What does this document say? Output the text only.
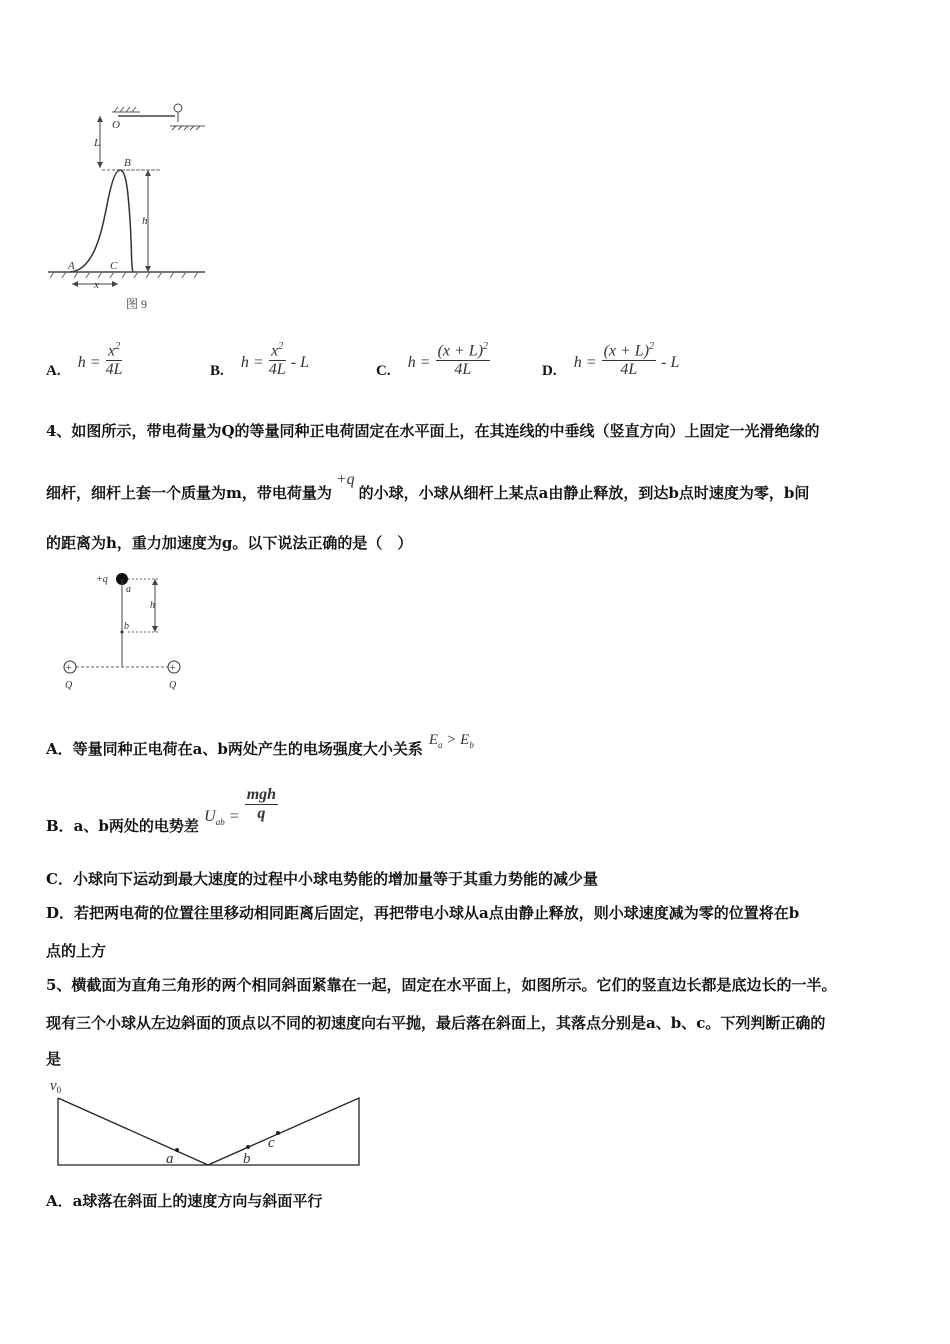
O
L
B
h
A	C
x
图 9
A. $h = \frac{x^2}{4L}$	B. $h = \frac{x^2}{4L} - L$	C. $h = \frac{(x + L)^2}{4L}$	D. $h = \frac{(x + L)^2}{4L} - L$
4、如图所示，带电荷量为Q的等量同种正电荷固定在水平面上，在其连线的中垂线（竖直方向）上固定一光滑绝缘的
细杆，细杆上套一个质量为m，带电荷量为+q的小球，小球从细杆上某点a由静止释放，到达b点时速度为零，b间
的距离为h，重力加速度为g。以下说法正确的是（　）
+q
h
a
b
+	+
Q	Q
A．等量同种正电荷在a、b两处产生的电场强度大小关系 $E_a > E_b$
B．a、b两处的电势差 $U_{ab} = \frac{\text{mgh}}{q}$
C．小球向下运动到最大速度的过程中小球电势能的增加量等于其重力势能的减少量
D．若把两电荷的位置往里移动相同距离后固定，再把带电小球从a点由静止释放，则小球速度减为零的位置将在b
点的上方
5、横截面为直角三角形的两个相同斜面紧靠在一起，固定在水平面上，如图所示。它们的竖直边长都是底边长的一半。
现有三个小球从左边斜面的顶点以不同的初速度向右平抛，最后落在斜面上，其落点分别是a、b、c。下列判断正确的
是
$v_0$
a	b
c
A．a球落在斜面上的速度方向与斜面平行
